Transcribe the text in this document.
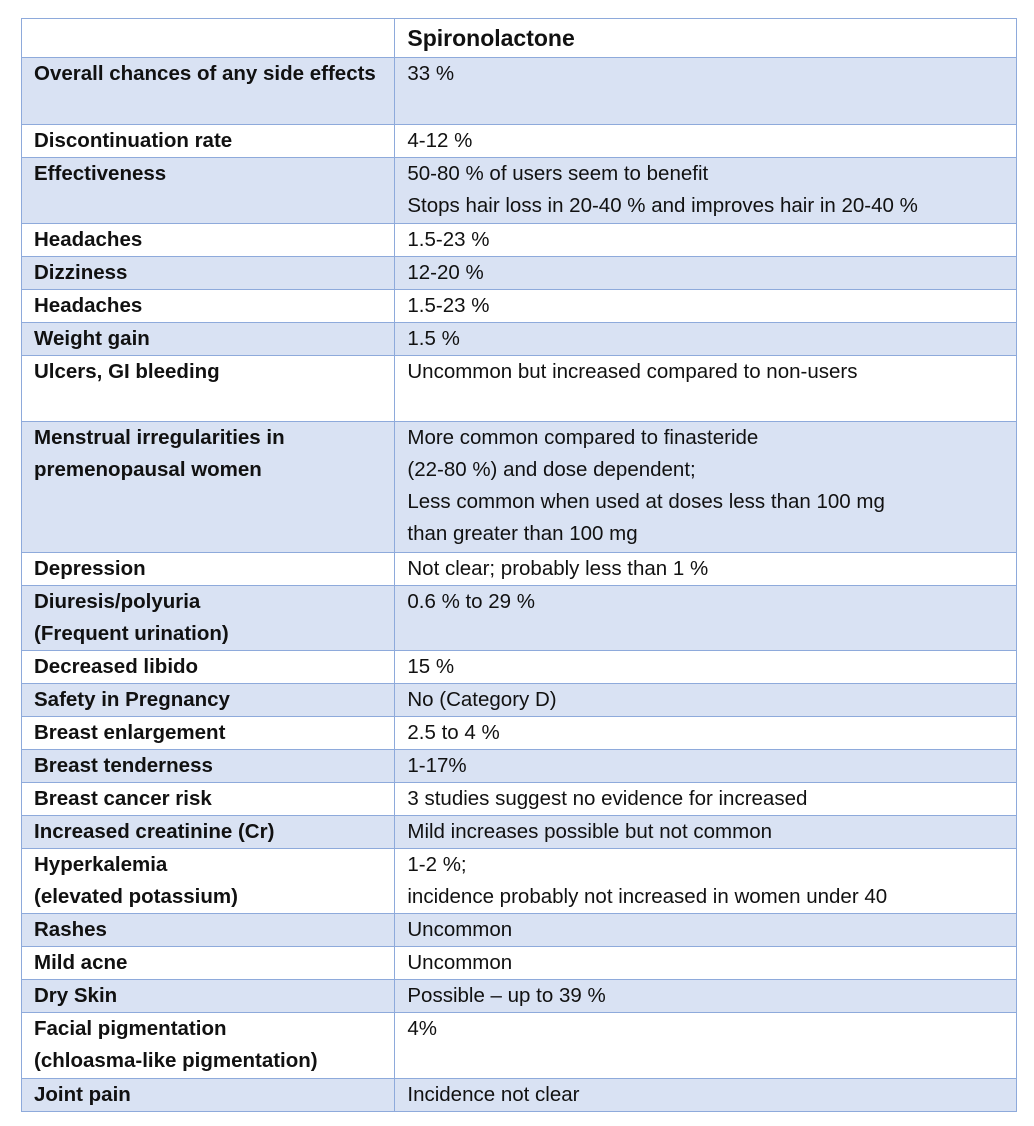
	Spironolactone
Overall chances of any side effects	33 %

Discontinuation rate	4-12 %

Effectiveness	50-80 % of users seem to benefit
Stops hair loss in 20-40 % and improves hair in 20-40 %

Headaches	1.5-23 %

Dizziness	12-20 %

Headaches	1.5-23 %

Weight gain	1.5 %

Ulcers, GI bleeding	Uncommon but increased compared to non-users

Menstrual irregularities in
premenopausal women	More common compared to finasteride
(22-80 %) and dose dependent;
Less common when used at doses less than 100 mg
than greater than 100 mg

Depression	Not clear; probably less than 1 %

Diuresis/polyuria
(Frequent urination)	0.6 % to 29 %

Decreased libido	15 %

Safety in Pregnancy	No (Category D)

Breast enlargement	2.5 to 4 %

Breast tenderness	1-17%

Breast cancer risk	3 studies suggest no evidence for increased

Increased creatinine (Cr)	Mild increases possible but not common

Hyperkalemia
(elevated potassium)	1-2 %;
incidence probably not increased in women under 40

Rashes	Uncommon

Mild acne	Uncommon

Dry Skin	Possible – up to 39 %

Facial pigmentation
(chloasma-like pigmentation)	4%

Joint pain	Incidence not clear
